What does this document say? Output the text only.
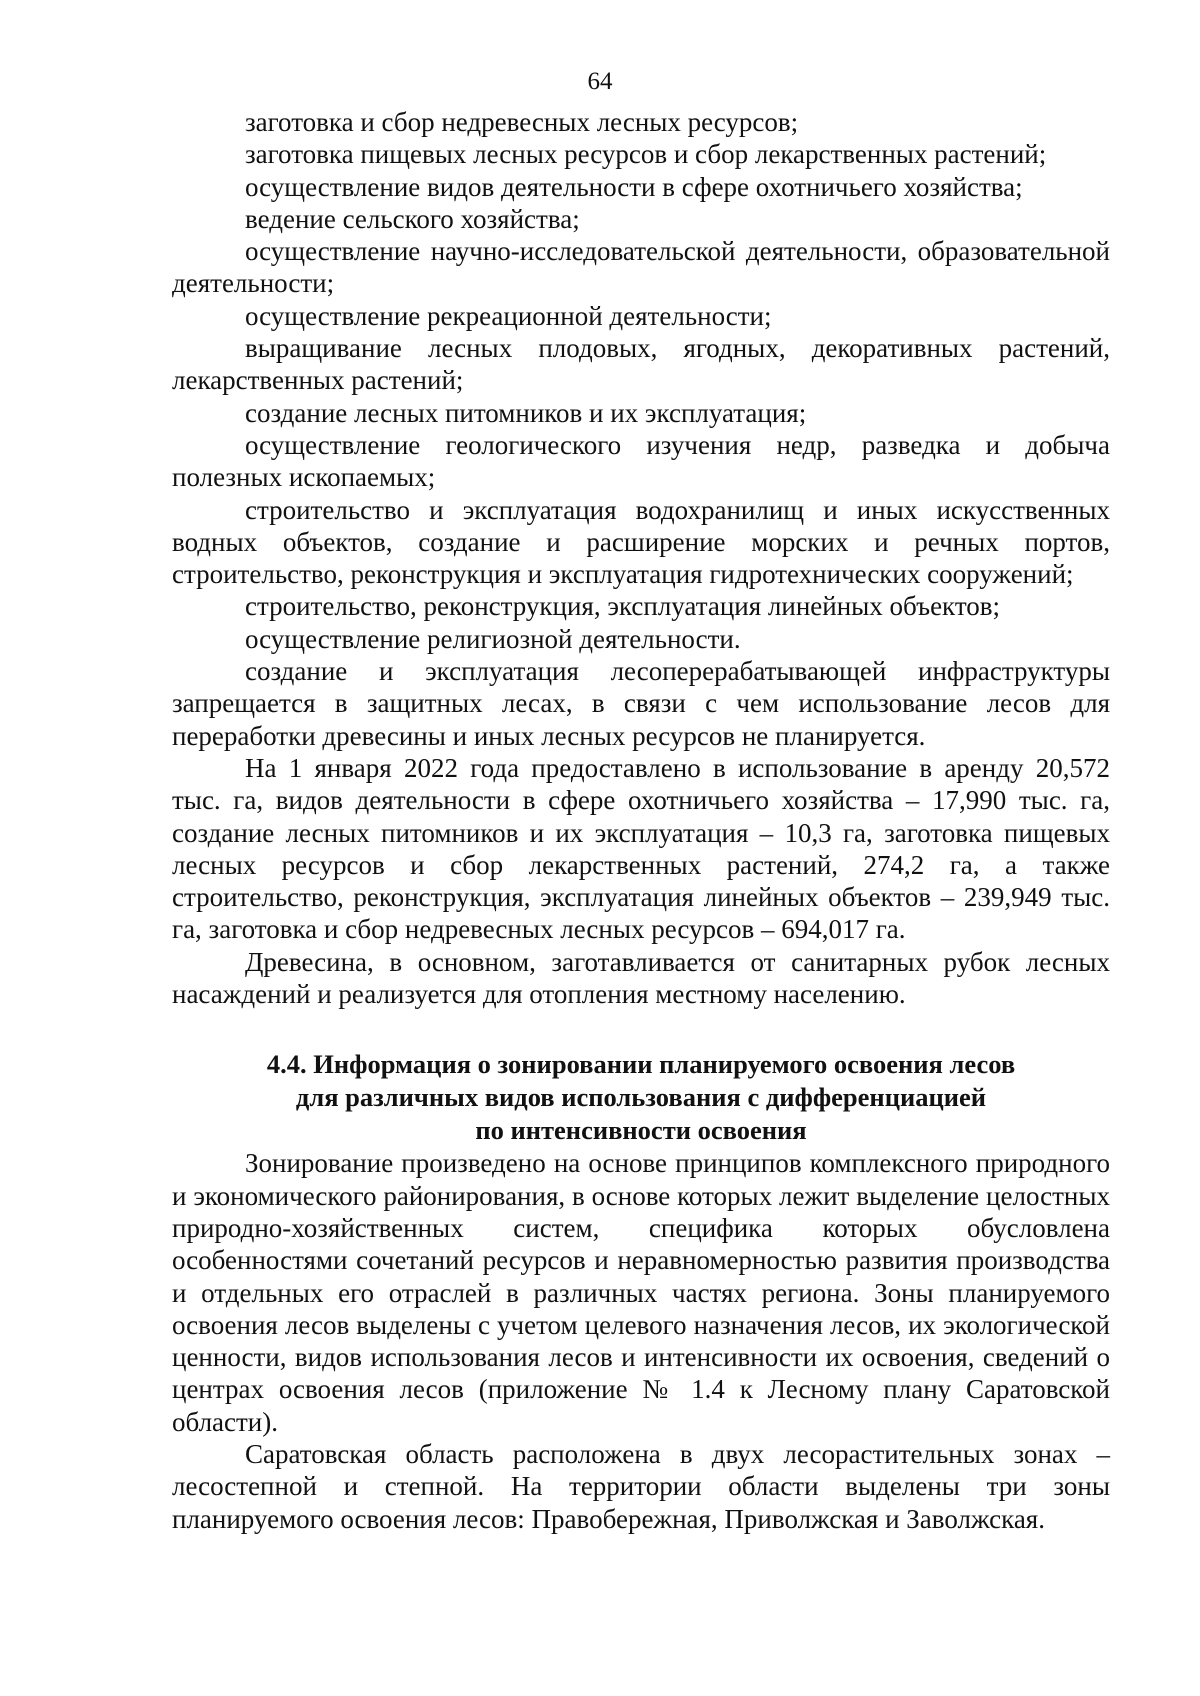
64

заготовка и сбор недревесных лесных ресурсов;

заготовка пищевых лесных ресурсов и сбор лекарственных растений;

осуществление видов деятельности в сфере охотничьего хозяйства;

ведение сельского хозяйства;

осуществление научно-исследовательской деятельности, образовательной деятельности;

осуществление рекреационной деятельности;

выращивание лесных плодовых, ягодных, декоративных растений, лекарственных растений;

создание лесных питомников и их эксплуатация;

осуществление геологического изучения недр, разведка и добыча полезных ископаемых;

строительство и эксплуатация водохранилищ и иных искусственных водных объектов, создание и расширение морских и речных портов, строительство, реконструкция и эксплуатация гидротехнических сооружений;

строительство, реконструкция, эксплуатация линейных объектов;

осуществление религиозной деятельности.

создание и эксплуатация лесоперерабатывающей инфраструктуры запрещается в защитных лесах, в связи с чем использование лесов для переработки древесины и иных лесных ресурсов не планируется.

На 1 января 2022 года предоставлено в использование в аренду 20,572 тыс. га, видов деятельности в сфере охотничьего хозяйства – 17,990 тыс. га, создание лесных питомников и их эксплуатация – 10,3 га, заготовка пищевых лесных ресурсов и сбор лекарственных растений, 274,2 га, а также строительство, реконструкция, эксплуатация линейных объектов – 239,949 тыс. га, заготовка и сбор недревесных лесных ресурсов – 694,017 га.

Древесина, в основном, заготавливается от санитарных рубок лесных насаждений и реализуется для отопления местному населению.

4.4. Информация о зонировании планируемого освоения лесов
для различных видов использования с дифференциацией
по интенсивности освоения

Зонирование произведено на основе принципов комплексного природного и экономического районирования, в основе которых лежит выделение целостных природно-хозяйственных систем, специфика которых обусловлена особенностями сочетаний ресурсов и неравномерностью развития производства и отдельных его отраслей в различных частях региона. Зоны планируемого освоения лесов выделены с учетом целевого назначения лесов, их экологической ценности, видов использования лесов и интенсивности их освоения, сведений о центрах освоения лесов (приложение № 1.4 к Лесному плану Саратовской области).

Саратовская область расположена в двух лесорастительных зонах – лесостепной и степной. На территории области выделены три зоны планируемого освоения лесов: Правобережная, Приволжская и Заволжская.
